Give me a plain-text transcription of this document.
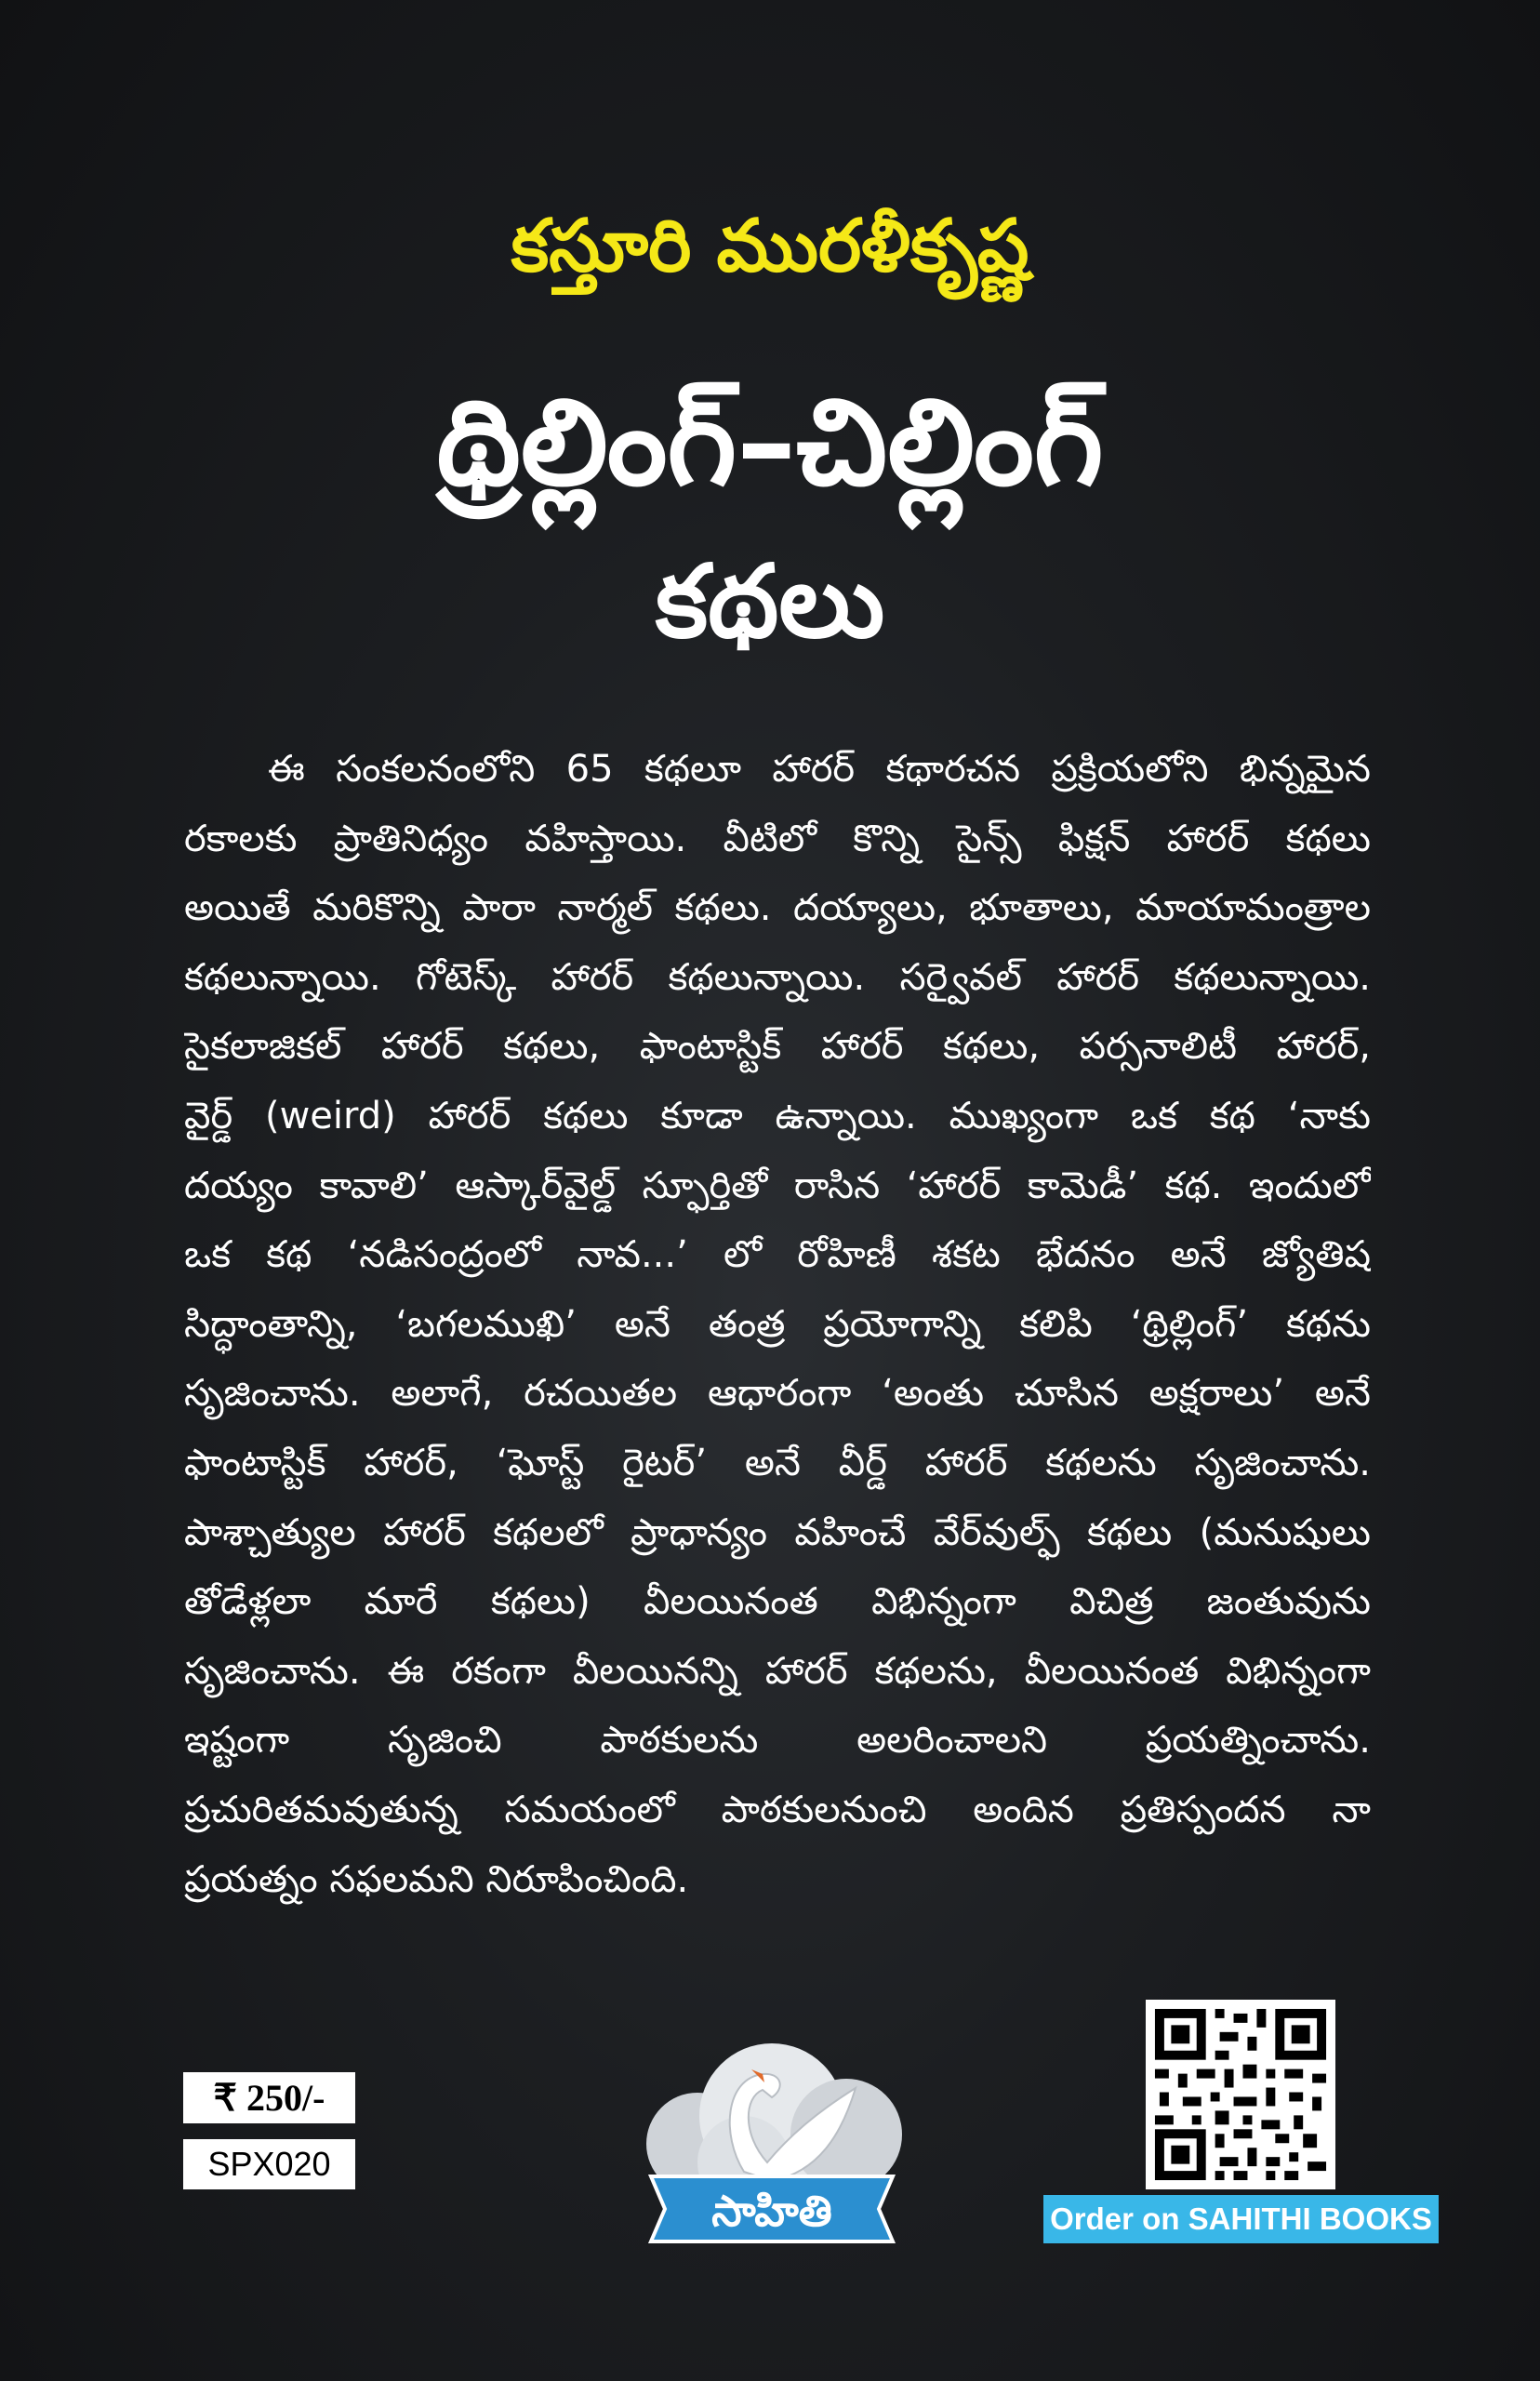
కస్తూరి మురళీకృష్ణ
థ్రిల్లింగ్–చిల్లింగ్
కథలు
ఈ సంకలనంలోని 65 కథలూ హారర్ కథారచన ప్రక్రియలోని భిన్నమైన
రకాలకు ప్రాతినిధ్యం వహిస్తాయి. వీటిలో కొన్ని సైన్స్ ఫిక్షన్ హారర్ కథలు
అయితే మరికొన్ని పారా నార్మల్ కథలు. దయ్యాలు, భూతాలు, మాయామంత్రాల
కథలున్నాయి. గోటెస్క్ హారర్ కథలున్నాయి. సర్వైవల్ హారర్ కథలున్నాయి.
సైకలాజికల్ హారర్ కథలు, ఫాంటాస్టిక్ హారర్ కథలు, పర్సనాలిటీ హారర్,
వైర్డ్ (weird) హారర్ కథలు కూడా ఉన్నాయి. ముఖ్యంగా ఒక కథ ‘నాకు
దయ్యం కావాలి’ ఆస్కార్‌వైల్డ్ స్ఫూర్తితో రాసిన ‘హారర్ కామెడీ’ కథ. ఇందులో
ఒక కథ ‘నడిసంద్రంలో నావ...’ లో రోహిణీ శకట భేదనం అనే జ్యోతిష
సిద్ధాంతాన్ని, ‘బగలముఖి’ అనే తంత్ర ప్రయోగాన్ని కలిపి ‘థ్రిల్లింగ్’ కథను
సృజించాను. అలాగే, రచయితల ఆధారంగా ‘అంతు చూసిన అక్షరాలు’ అనే
ఫాంటాస్టిక్ హారర్, ‘ఘోస్ట్ రైటర్’ అనే వీర్డ్ హారర్ కథలను సృజించాను.
పాశ్చాత్యుల హారర్ కథలలో ప్రాధాన్యం వహించే వేర్‌వుల్ఫ్ కథలు (మనుషులు
తోడేళ్లలా మారే కథలు) వీలయినంత విభిన్నంగా విచిత్ర జంతువును
సృజించాను. ఈ రకంగా వీలయినన్ని హారర్ కథలను, వీలయినంత విభిన్నంగా
ఇష్టంగా సృజించి పాఠకులను అలరించాలని ప్రయత్నించాను.
ప్రచురితమవుతున్న సమయంలో పాఠకులనుంచి అందిన ప్రతిస్పందన నా
ప్రయత్నం సఫలమని నిరూపించింది.
₹ 250/-
SPX020
సాహితి	Order on SAHITHI BOOKS
